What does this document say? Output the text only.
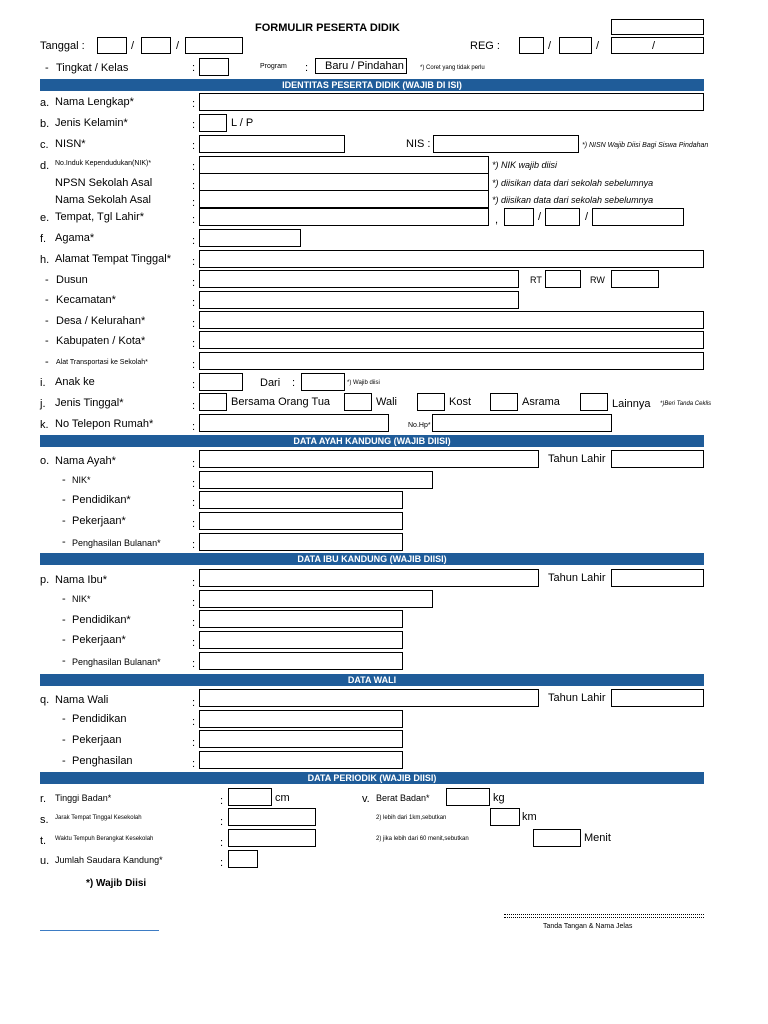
FORMULIR PESERTA DIDIK
Tanggal :	/	/	REG :	/	/	/
- Tingkat / Kelas	:	Program : Baru / Pindahan	*) Coret yang tidak perlu
IDENTITAS PESERTA DIDIK (WAJIB DI ISI)
a. Nama Lengkap*	:
b. Jenis Kelamin*	:	L / P
c. NISN*	:	NIS :	*) NISN Wajib Diisi Bagi Siswa Pindahan
d. No.Induk Kependudukan(NIK)*	:	*) NIK wajib diisi
NPSN Sekolah Asal	:	*) diisikan data dari sekolah sebelumnya
Nama Sekolah Asal	:	*) diisikan data dari sekolah sebelumnya
e. Tempat, Tgl Lahir*	:	,	/	/
f. Agama*	:
h. Alamat Tempat Tinggal* :
- Dusun	:	RT	RW
- Kecamatan*	:
- Desa / Kelurahan*	:
- Kabupaten / Kota*	:
- Alat Transportasi ke Sekolah*	:
i. Anak ke	:	Dari :	*) Wajib diisi
j. Jenis Tinggal*	:	Bersama Orang Tua	Wali	Kost	Asrama	Lainnya *)Beri Tanda Ceklis
k. No Telepon Rumah*	:	No.Hp*
DATA AYAH KANDUNG (WAJIB DIISI)
o. Nama Ayah*	:	Tahun Lahir
- NIK*	:
- Pendidikan*	:
- Pekerjaan*	:
- Penghasilan Bulanan*	:
DATA IBU KANDUNG (WAJIB DIISI)
p. Nama Ibu*	:	Tahun Lahir
- NIK*	:
- Pendidikan*	:
- Pekerjaan*	:
- Penghasilan Bulanan*	:
DATA WALI
q. Nama Wali	:	Tahun Lahir
- Pendidikan	:
- Pekerjaan	:
- Penghasilan	:
DATA PERIODIK (WAJIB DIISI)
r. Tinggi Badan*	:	cm	v. Berat Badan*	kg
s. Jarak Tempat Tinggal Kesekolah	:	2) lebih dari 1km,sebutkan	km
t. Waktu Tempuh Berangkat Kesekolah	:	2) jika lebih dari 60 menit,sebutkan	Menit
u. Jumlah Saudara Kandung*	:
*) Wajib Diisi
Tanda Tangan & Nama Jelas
